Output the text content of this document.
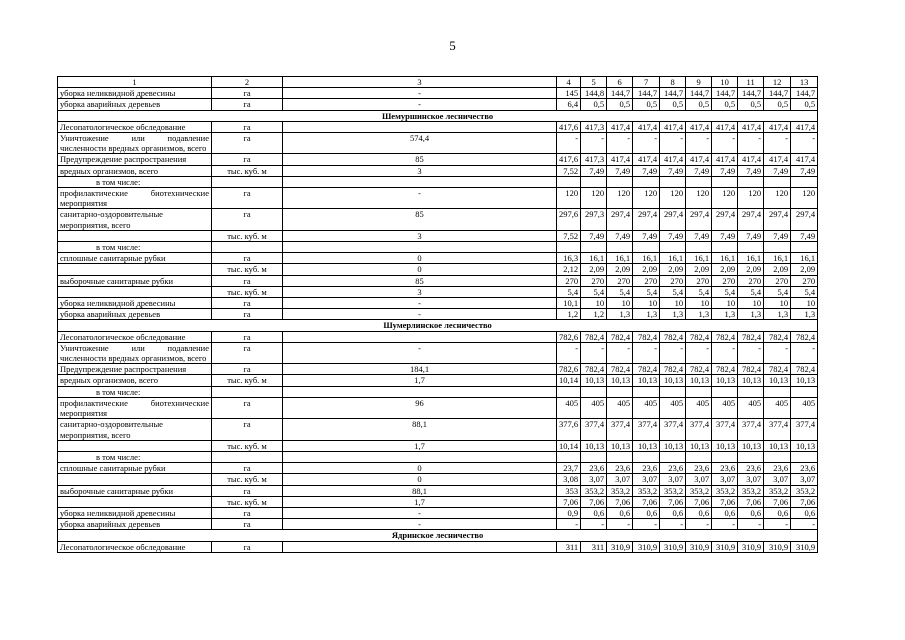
5
1	2	3	4	5	6	7	8	9	10	11	12	13
уборка неликвидной древесины	га	-	145	144,8	144,7	144,7	144,7	144,7	144,7	144,7	144,7	144,7
уборка аварийных деревьев	га	-	6,4	0,5	0,5	0,5	0,5	0,5	0,5	0,5	0,5	0,5
Шемуршинское лесничество												
Лесопатологическое обследование	га		417,6	417,3	417,4	417,4	417,4	417,4	417,4	417,4	417,4	417,4
Уничтожение или подавление численности вредных организмов, всего	га	574,4	-	-	-	-	-	-	-	-	-	-
Предупреждение распространения	га	85	417,6	417,3	417,4	417,4	417,4	417,4	417,4	417,4	417,4	417,4
вредных организмов, всего	тыс. куб. м	3	7,52	7,49	7,49	7,49	7,49	7,49	7,49	7,49	7,49	7,49
в том числе:												
профилактические биотехнические мероприятия	га	-	120	120	120	120	120	120	120	120	120	120
санитарно-оздоровительные мероприятия, всего	га	85	297,6	297,3	297,4	297,4	297,4	297,4	297,4	297,4	297,4	297,4
	тыс. куб. м	3	7,52	7,49	7,49	7,49	7,49	7,49	7,49	7,49	7,49	7,49
в том числе:												
сплошные санитарные рубки	га	0	16,3	16,1	16,1	16,1	16,1	16,1	16,1	16,1	16,1	16,1
	тыс. куб. м	0	2,12	2,09	2,09	2,09	2,09	2,09	2,09	2,09	2,09	2,09
выборочные санитарные рубки	га	85	270	270	270	270	270	270	270	270	270	270
	тыс. куб. м	3	5,4	5,4	5,4	5,4	5,4	5,4	5,4	5,4	5,4	5,4
уборка неликвидной древесины	га	-	10,1	10	10	10	10	10	10	10	10	10
уборка аварийных деревьев	га	-	1,2	1,2	1,3	1,3	1,3	1,3	1,3	1,3	1,3	1,3
Шумерлинское лесничество												
Лесопатологическое обследование	га		782,6	782,4	782,4	782,4	782,4	782,4	782,4	782,4	782,4	782,4
Уничтожение или подавление численности вредных организмов, всего	га	-	-	-	-	-	-	-	-	-	-	-
Предупреждение распространения	га	184,1	782,6	782,4	782,4	782,4	782,4	782,4	782,4	782,4	782,4	782,4
вредных организмов, всего	тыс. куб. м	1,7	10,14	10,13	10,13	10,13	10,13	10,13	10,13	10,13	10,13	10,13
в том числе:												
профилактические биотехнические мероприятия	га	96	405	405	405	405	405	405	405	405	405	405
санитарно-оздоровительные мероприятия, всего	га	88,1	377,6	377,4	377,4	377,4	377,4	377,4	377,4	377,4	377,4	377,4
	тыс. куб. м	1,7	10,14	10,13	10,13	10,13	10,13	10,13	10,13	10,13	10,13	10,13
в том числе:												
сплошные санитарные рубки	га	0	23,7	23,6	23,6	23,6	23,6	23,6	23,6	23,6	23,6	23,6
	тыс. куб. м	0	3,08	3,07	3,07	3,07	3,07	3,07	3,07	3,07	3,07	3,07
выборочные санитарные рубки	га	88,1	353	353,2	353,2	353,2	353,2	353,2	353,2	353,2	353,2	353,2
	тыс. куб. м	1,7	7,06	7,06	7,06	7,06	7,06	7,06	7,06	7,06	7,06	7,06
уборка неликвидной древесины	га	-	0,9	0,6	0,6	0,6	0,6	0,6	0,6	0,6	0,6	0,6
уборка аварийных деревьев	га	-	-	-	-	-	-	-	-	-	-	-
Ядринское лесничество												
Лесопатологическое обследование	га		311	311	310,9	310,9	310,9	310,9	310,9	310,9	310,9	310,9
